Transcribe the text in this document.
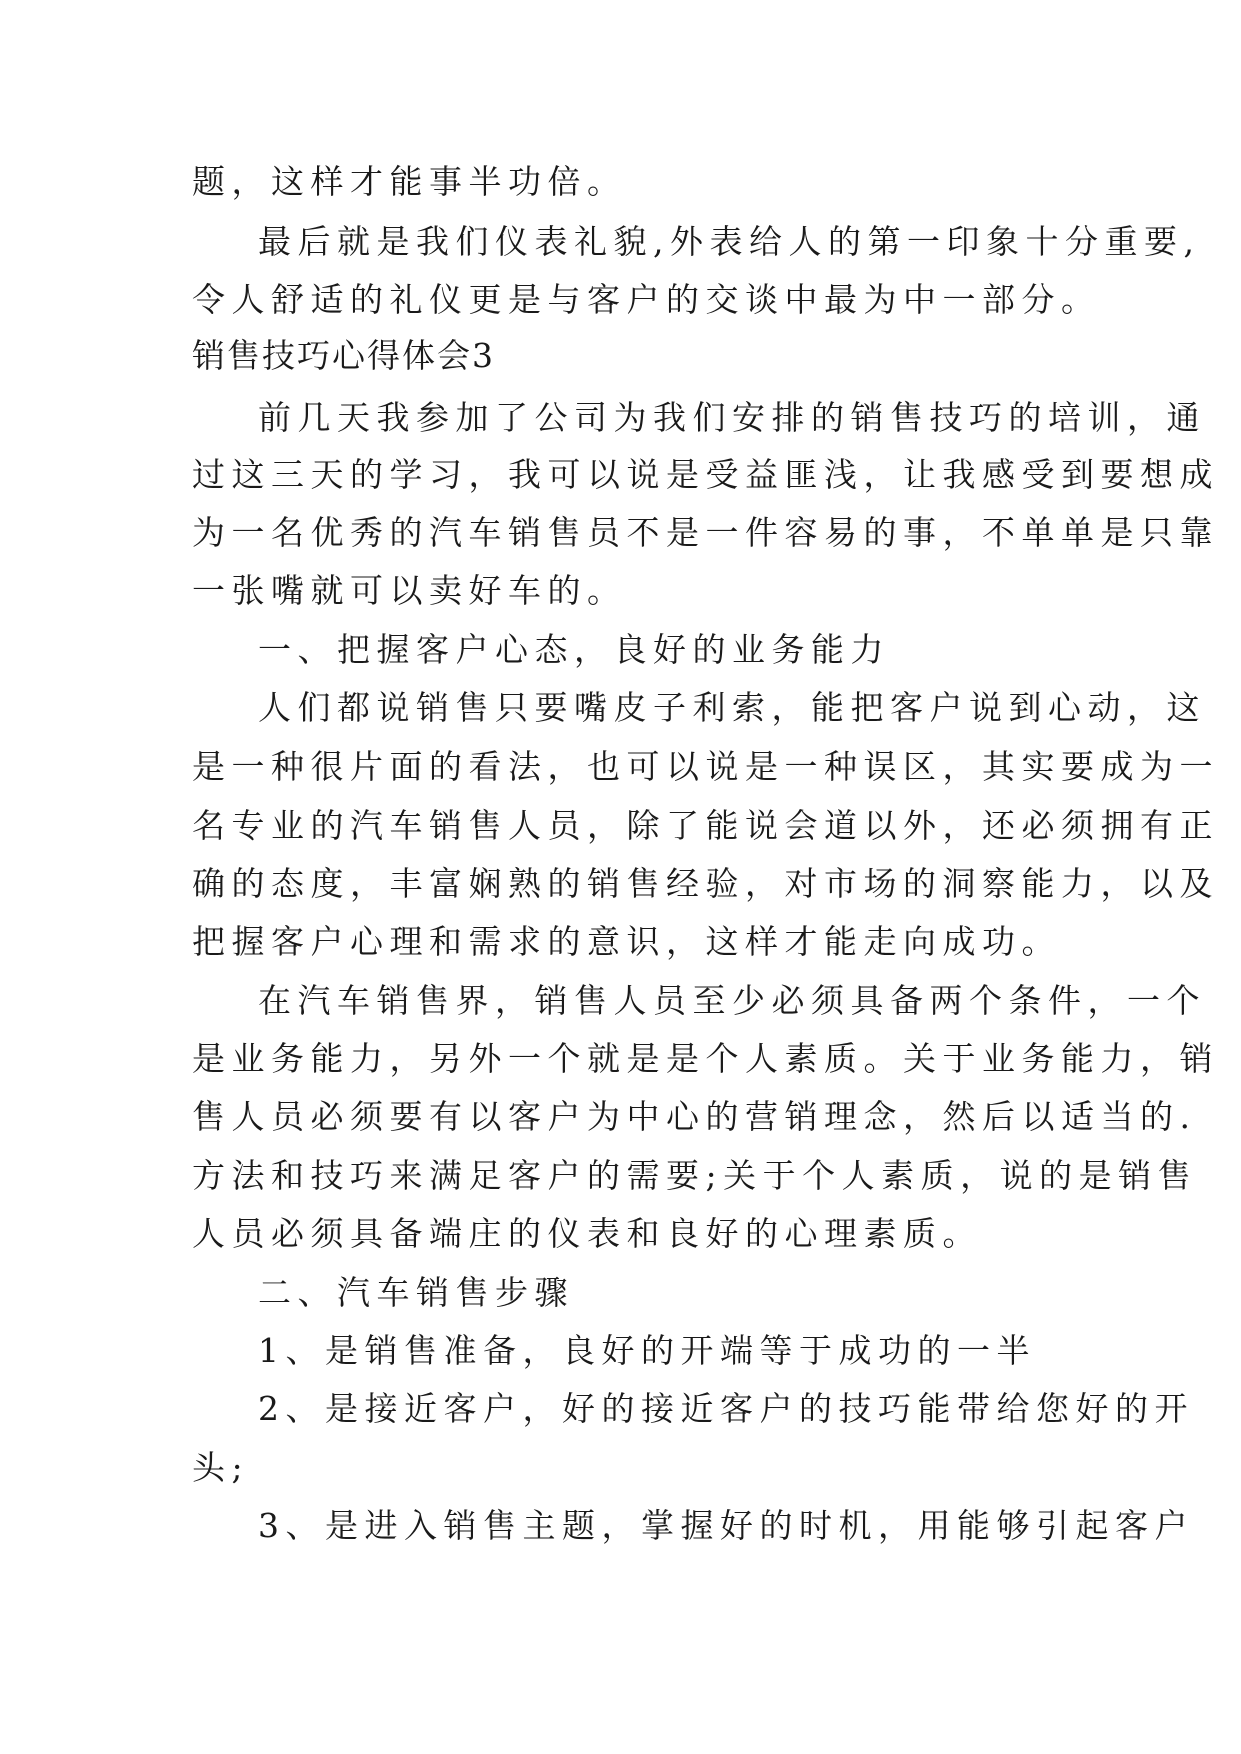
题，这样才能事半功倍。
最后就是我们仪表礼貌,外表给人的第一印象十分重要,
令人舒适的礼仪更是与客户的交谈中最为中一部分。
销售技巧心得体会3
前几天我参加了公司为我们安排的销售技巧的培训，通
过这三天的学习，我可以说是受益匪浅，让我感受到要想成
为一名优秀的汽车销售员不是一件容易的事，不单单是只靠
一张嘴就可以卖好车的。
一、把握客户心态，良好的业务能力
人们都说销售只要嘴皮子利索，能把客户说到心动，这
是一种很片面的看法，也可以说是一种误区，其实要成为一
名专业的汽车销售人员，除了能说会道以外，还必须拥有正
确的态度，丰富娴熟的销售经验，对市场的洞察能力，以及
把握客户心理和需求的意识，这样才能走向成功。
在汽车销售界，销售人员至少必须具备两个条件，一个
是业务能力，另外一个就是是个人素质。关于业务能力，销
售人员必须要有以客户为中心的营销理念，然后以适当的.
方法和技巧来满足客户的需要;关于个人素质，说的是销售
人员必须具备端庄的仪表和良好的心理素质。
二、汽车销售步骤
1、是销售准备，良好的开端等于成功的一半
2、是接近客户，好的接近客户的技巧能带给您好的开
头;
3、是进入销售主题，掌握好的时机，用能够引起客户
